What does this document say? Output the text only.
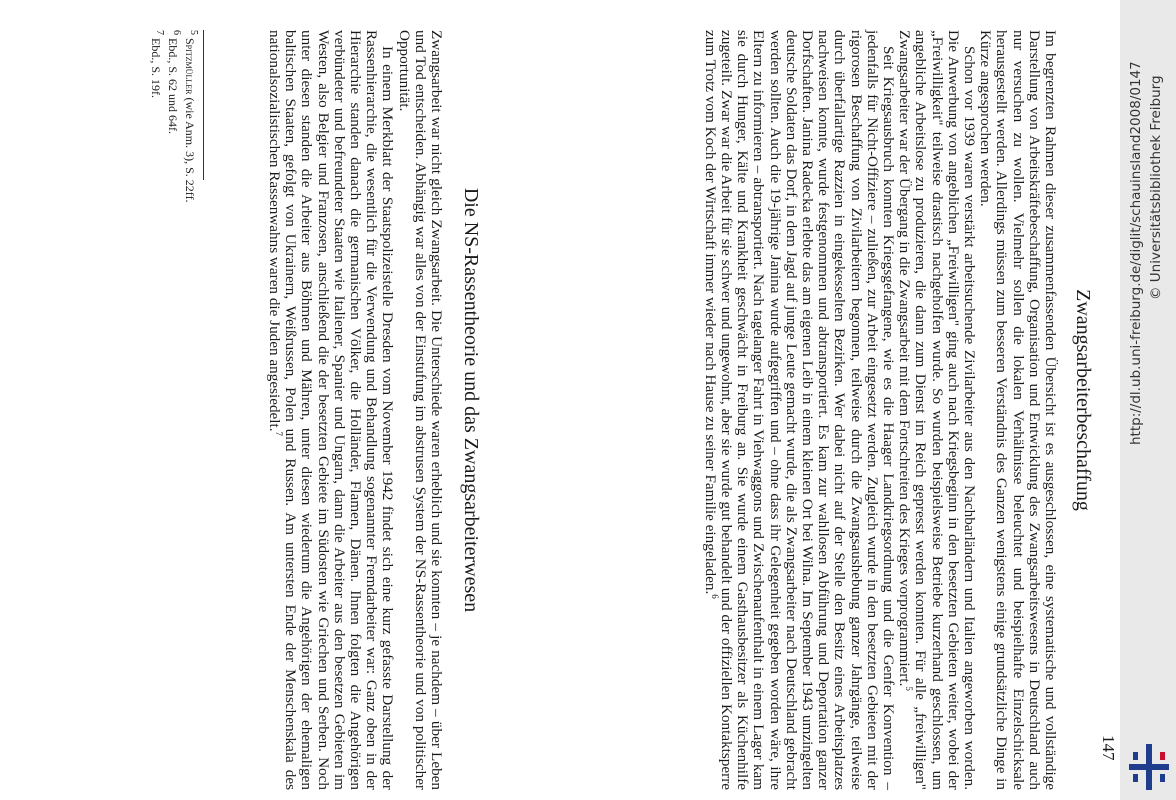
147
Zwangsarbeiterbeschaffung

Im begrenzten Rahmen dieser zusammenfassenden Übersicht ist es ausgeschlossen, eine systematische und vollständige Darstellung von Arbeitskräftebeschaffung, Organisation und Entwicklung des Zwangsarbeitswesens in Deutschland auch nur versuchen zu wollen. Vielmehr sollen die lokalen Verhältnisse beleuchtet und beispielhafte Einzelschicksale herausgestellt werden. Allerdings müssen zum besseren Verständnis des Ganzen wenigstens einige grundsätzliche Dinge in Kürze angesprochen werden.

Schon vor 1939 waren verstärkt arbeitsuchende Zivilarbeiter aus den Nachbarländern und Italien angeworben worden. Die Anwerbung von angeblichen „Freiwilligen" ging auch nach Kriegsbeginn in den besetzten Gebieten weiter, wobei der „Freiwilligkeit" teilweise drastisch nachgeholfen wurde. So wurden beispielsweise Betriebe kurzerhand geschlossen, um angebliche Arbeitslose zu produzieren, die dann zum Dienst im Reich gepresst werden konnten. Für alle „freiwilligen" Zwangsarbeiter war der Übergang in die Zwangsarbeit mit dem Fortschreiten des Krieges vorprogrammiert.$^5$

Seit Kriegsausbruch konnten Kriegsgefangene, wie es die Haager Landkriegsordnung und die Genfer Konvention – jedenfalls für Nicht-Offiziere – zuließen, zur Arbeit eingesetzt werden. Zugleich wurde in den besetzten Gebieten mit der rigorosen Beschaffung von Zivilarbeitern begonnen, teilweise durch die Zwangsaushebung ganzer Jahrgänge, teilweise durch überfallartige Razzien in eingekesselten Bezirken. Wer dabei nicht auf der Stelle den Besitz eines Arbeitsplatzes nachweisen konnte, wurde festgenommen und abtransportiert. Es kam zur wahllosen Abführung und Deportation ganzer Dorfschaften. Janina Radecka erlebte das am eigenen Leib in einem kleinen Ort bei Wilna. Im September 1943 umzingelten deutsche Soldaten das Dorf, in dem Jagd auf junge Leute gemacht wurde, die als Zwangsarbeiter nach Deutschland gebracht werden sollten. Auch die 19-jährige Janina wurde aufgegriffen und – ohne dass ihr Gelegenheit gegeben worden wäre, ihre Eltern zu informieren – abtransportiert. Nach tagelanger Fahrt in Viehwaggons und Zwischenaufenthalt in einem Lager kam sie durch Hunger, Kälte und Krankheit geschwächt in Freiburg an. Sie wurde einem Gasthausbesitzer als Küchenhilfe zugeteilt. Zwar war die Arbeit für sie schwer und ungewohnt, aber sie wurde gut behandelt und der offiziellen Kontaktsperre zum Trotz vom Koch der Wirtschaft immer wieder nach Hause zu seiner Familie eingeladen.$^6$

Die NS-Rassentheorie und das Zwangsarbeiterwesen

Zwangsarbeit war nicht gleich Zwangsarbeit. Die Unterschiede waren erheblich und sie konnten – je nachdem – über Leben und Tod entscheiden. Abhängig war alles von der Einstufung im abstrusen System der NS-Rassentheorie und von politischer Opportunität.

In einem Merkblatt der Staatspolizeistelle Dresden vom November 1942 findet sich eine kurz gefasste Darstellung der Rassenhierarchie, die wesentlich für die Verwendung und Behandlung sogenannter Fremdarbeiter war: Ganz oben in der Hierarchie standen danach die germanischen Völker, die Holländer, Flamen, Dänen. Ihnen folgten die Angehörigen verbündeter und befreundeter Staaten wie Italiener, Spanier und Ungarn, dann die Arbeiter aus den besetzen Gebieten im Westen, also Belgier und Franzosen, anschließend die der besetzten Gebiete im Südosten wie Griechen und Serben. Noch unter diesen standen die Arbeiter aus Böhmen und Mähren, unter diesen wiederum die Angehörigen der ehemaligen baltischen Staaten, gefolgt von Ukrainern, Weißrussen, Polen und Russen. Am untersten Ende der Menschenskala des nationalsozialistischen Rassenwahns waren die Juden angesiedelt.$^7$

$^5$ Spitzmüller (wie Anm. 3), S. 22ff.
$^6$ Ebd., S. 62 und 64f.
$^7$ Ebd., S. 19f.	http://dl.ub.uni-freiburg.de/diglit/schauinsland2008/0147 © Universitätsbibliothek Freiburg
